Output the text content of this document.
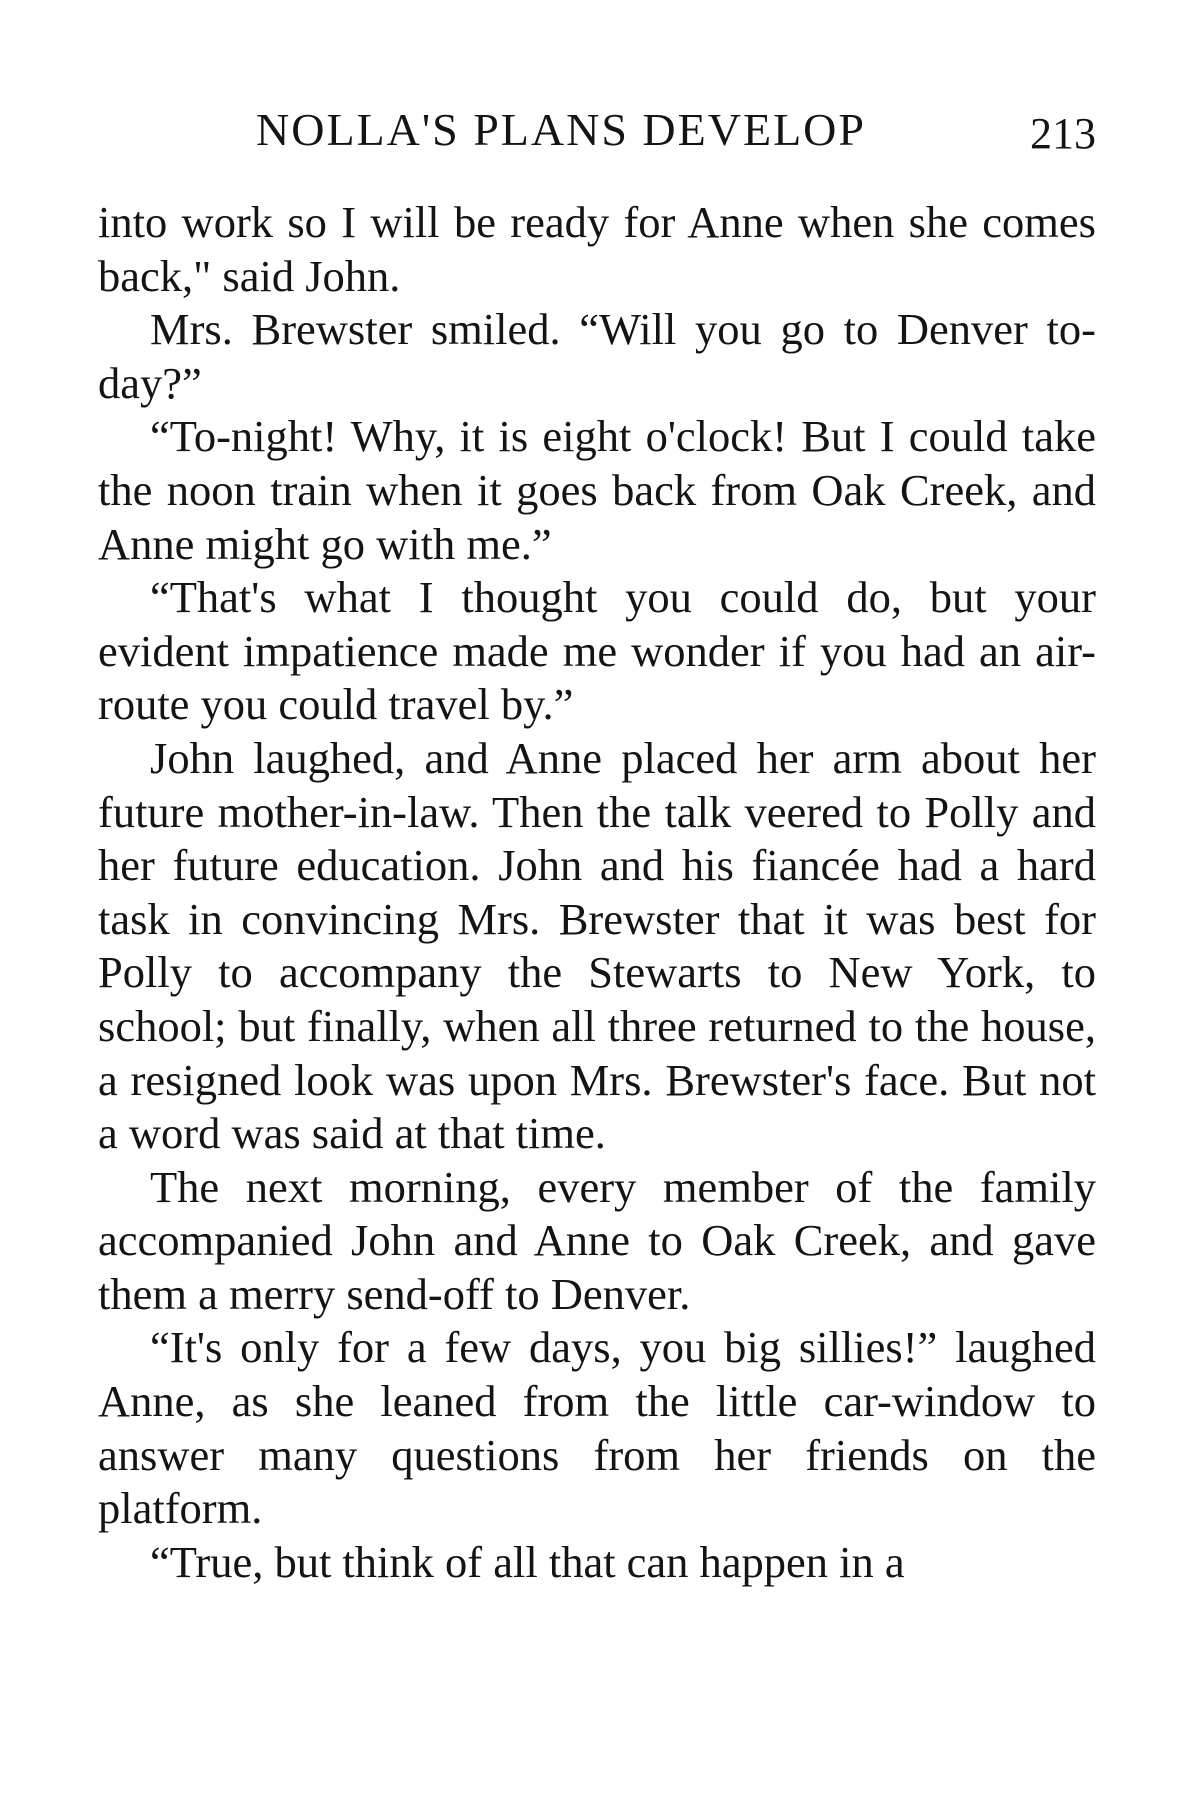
NOLLA'S PLANS DEVELOP	213

into work so I will be ready for Anne when she comes back," said John.

Mrs. Brewster smiled. “Will you go to Denver to-day?”

“To-night! Why, it is eight o'clock! But I could take the noon train when it goes back from Oak Creek, and Anne might go with me.”

“That's what I thought you could do, but your evident impatience made me wonder if you had an air-route you could travel by.”

John laughed, and Anne placed her arm about her future mother-in-law. Then the talk veered to Polly and her future education. John and his fiancée had a hard task in convincing Mrs. Brewster that it was best for Polly to accompany the Stewarts to New York, to school; but finally, when all three returned to the house, a resigned look was upon Mrs. Brewster's face. But not a word was said at that time.

The next morning, every member of the family accompanied John and Anne to Oak Creek, and gave them a merry send-off to Denver.

“It's only for a few days, you big sillies!” laughed Anne, as she leaned from the little car-window to answer many questions from her friends on the platform.

“True, but think of all that can happen in a
